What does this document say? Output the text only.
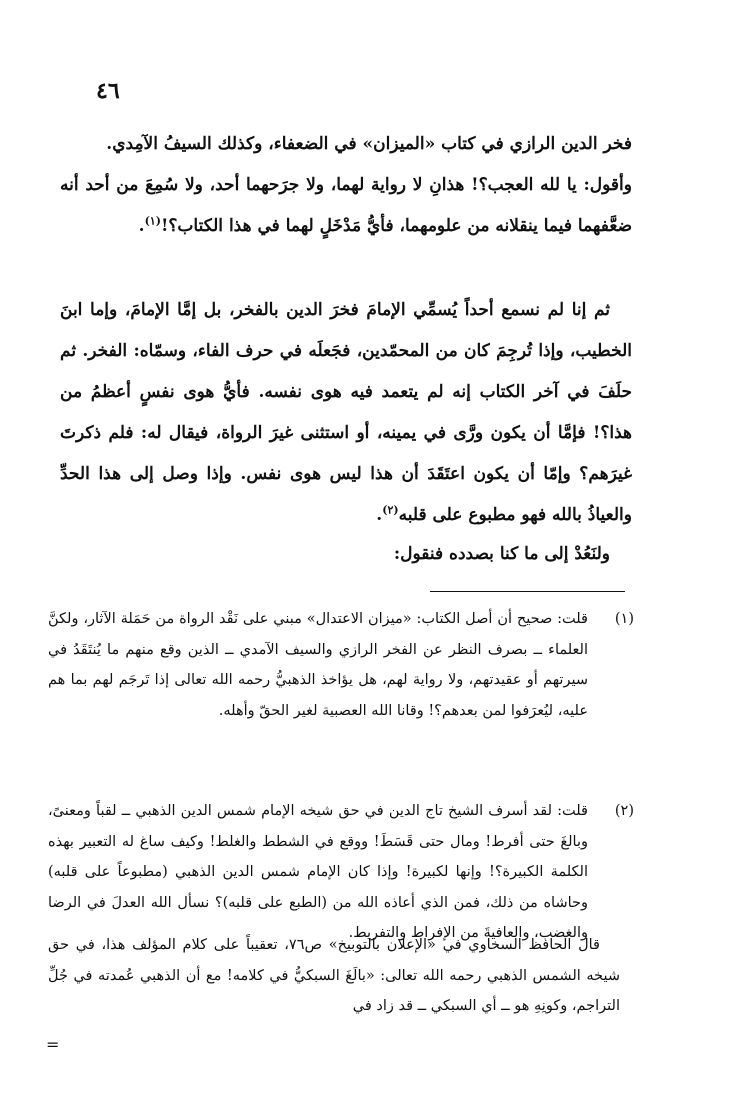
٤٦

فخر الدين الرازي في كتاب «الميزان» في الضعفاء، وكذلك السيفُ الآمِدي.

وأقول: يا لله العجب؟! هذانِ لا رواية لهما، ولا جرَحهما أحد، ولا سُمِعَ من أحد أنه ضعَّفهما فيما ينقلانه من علومهما، فأيُّ مَدْخَلٍ لهما في هذا الكتاب؟!$^{(١)}$.

ثم إنا لم نسمع أحداً يُسمِّي الإمامَ فخرَ الدين بالفخر، بل إمَّا الإمامَ، وإما ابنَ الخطيب، وإذا تُرجِمَ كان من المحمّدين، فجَعلَه في حرف الفاء، وسمّاه: الفخر. ثم حلَفَ في آخر الكتاب إنه لم يتعمد فيه هوى نفسه. فأيُّ هوى نفسٍ أعظمُ من هذا؟! فإمَّا أن يكون ورَّى في يمينه، أو استثنى غيرَ الرواة، فيقال له: فلم ذكرتَ غيرَهم؟ وإمّا أن يكون اعتَقَدَ أن هذا ليس هوى نفس. وإذا وصل إلى هذا الحدِّ والعياذُ بالله فهو مطبوع على قلبه$^{(٢)}$.

ولنَعُدْ إلى ما كنا بصدده فنقول:

(١)
قلت: صحيح أن أصل الكتاب: «ميزان الاعتدال» مبني على نَقْد الرواة من حَمَلة الآثار، ولكنَّ العلماء ــ بصرف النظر عن الفخر الرازي والسيف الآمدي ــ الذين وقع منهم ما يُنتَقَدُ في سيرتهم أو عقيدتهم، ولا رواية لهم، هل يؤاخذ الذهبيُّ رحمه الله تعالى إذا تَرجَم لهم بما هم عليه، ليُعرَفوا لمن بعدهم؟! وقانا الله العصبية لغير الحقّ وأهله.
(٢)
قلت: لقد أسرف الشيخ تاج الدين في حق شيخه الإمام شمس الدين الذهبي ــ لقباً ومعنىً، وبالغَ حتى أفرط! ومال حتى قَسَطَ! ووقع في الشطط والغلط! وكيف ساغ له التعبير بهذه الكلمة الكبيرة؟! وإنها لكبيرة! وإذا كان الإمام شمس الدين الذهبي (مطبوعاً على قلبه) وحاشاه من ذلك، فمن الذي أعاذه الله من (الطبع على قلبه)؟ نسأل الله العدلَ في الرضا والغضب، والعافيةَ من الإفراط والتفريط.
قال الحافظ السخاوي في «الإعلان بالتوبيخ» ص٧٦، تعقيباً على كلام المؤلف هذا، في حق شيخه الشمس الذهبي رحمه الله تعالى: «بالَغَ السبكيُّ في كلامه! مع أن الذهبي عُمدته في جُلِّ التراجم، وكونِهِ هو ــ أي السبكي ــ قد زاد في
=
